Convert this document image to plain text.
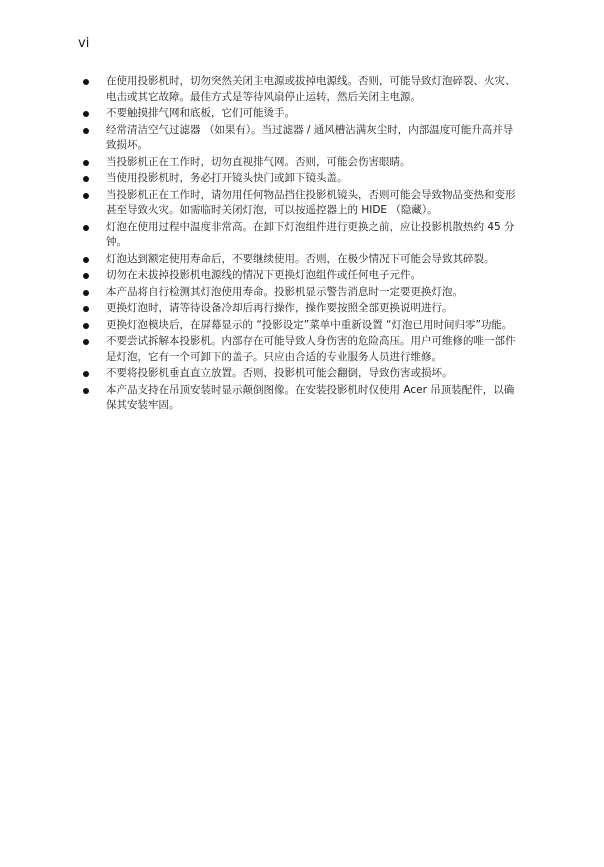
vi
在使用投影机时，切勿突然关闭主电源或拔掉电源线。否则，可能导致灯泡碎裂、火灾、电击或其它故障。最佳方式是等待风扇停止运转，然后关闭主电源。
不要触摸排气网和底板，它们可能烫手。
经常清洁空气过滤器 （如果有）。当过滤器 / 通风槽沾满灰尘时，内部温度可能升高并导致损坏。
当投影机正在工作时，切勿直视排气网。否则，可能会伤害眼睛。
当使用投影机时，务必打开镜头快门或卸下镜头盖。
当投影机正在工作时，请勿用任何物品挡住投影机镜头，否则可能会导致物品变热和变形甚至导致火灾。如需临时关闭灯泡，可以按遥控器上的 HIDE （隐藏）。
灯泡在使用过程中温度非常高。在卸下灯泡组件进行更换之前，应让投影机散热约 45 分钟。
灯泡达到额定使用寿命后，不要继续使用。否则，在极少情况下可能会导致其碎裂。
切勿在未拔掉投影机电源线的情况下更换灯泡组件或任何电子元件。
本产品将自行检测其灯泡使用寿命。投影机显示警告消息时一定要更换灯泡。
更换灯泡时，请等待设备冷却后再行操作，操作要按照全部更换说明进行。
更换灯泡模块后，在屏幕显示的 “投影设定”菜单中重新设置 “灯泡已用时间归零”功能。
不要尝试拆解本投影机。内部存在可能导致人身伤害的危险高压。用户可维修的唯一部件是灯泡，它有一个可卸下的盖子。只应由合适的专业服务人员进行维修。
不要将投影机垂直直立放置。否则，投影机可能会翻倒，导致伤害或损坏。
本产品支持在吊顶安装时显示颠倒图像。在安装投影机时仅使用 Acer 吊顶装配件，以确保其安装牢固。
